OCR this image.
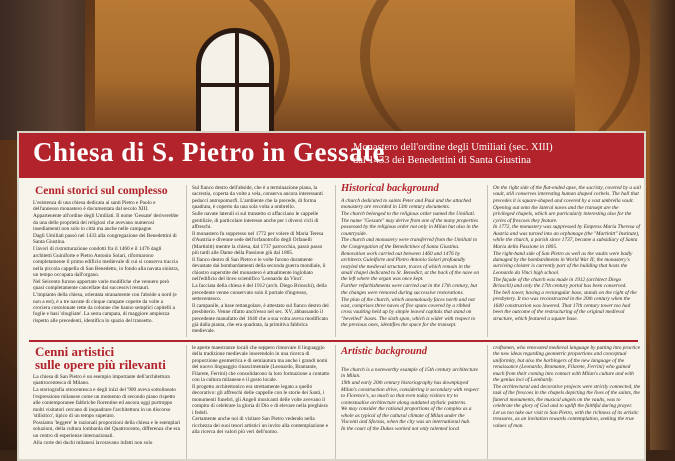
Chiesa di S. Pietro in Gessate
Monastero dell'ordine degli Umiliati (sec. XIII)
dal 1433 dei Benedettini di Santa Giustina
Cenni storici sul complesso

L'esistenza di una chiesa dedicata ai santi Pietro e Paolo e dell'annesso monastero è documentata dal secolo XIII.

Appartenente all'ordine degli Umiliati. Il nome 'Gessate' deriverebbe da una delle proprietà dei religiosi che avevano numerosi insediamenti non solo in città ma anche nelle campagne.

Dagli Umiliati passò nel 1433 alla congregazione dei Benedettini di Santa Giustina.

I lavori di ristrutturazione condotti fra il 1460 e il 1476 dagli architetti Guiniforte e Pietro Antonio Solari, riformarono completamente il primo edificio medievale di cui si conserva traccia nella piccola cappella di San Benedetto, in fondo alla navata sinistra, un tempo occupata dall'organo.

Nel Seicento furono apportate varie modifiche che vennero però quasi completamente cancellate dai successivi restauri.

L'impianto della chiesa, orientata stranamente con l'abside a nord (e non a est), è a tre navate di cinque campate coperte da volte a crociera costolonate rette da colonne che hanno semplici capitelli a foglie e basi 'sbugliate'. La sesta campata, di maggiore ampiezza rispetto alle precedenti, identifica lo spazio del transetto.

Sul fianco destro dell'abside, che è a terminazione piana, la sacrestia, coperta da volte a vela, conserva ancora interessanti pedacci antropomorfi. L'ambiente che la precede, di forma quadrata, è coperto da una sola volta a ombrello.

Sulle navate laterali si sul transetto si affacciano le cappelle gentilizie, di particolare interesse anche per i diversi cicli di affreschi.

Il monastero fu soppresso nel 1772 per volere di Maria Teresa d'Austria e divenne sede dell'orfanotrofio degli Orfanelli (Martinitt) mentre la chiesa, dal 1737 parrocchia, passò passo più tardi alle Dame della Passione giù dal 1805.

Il fianco destro di San Pietro e le volte furono duramente devastate dai bombardamenti della seconda guerra mondiale, il chiostro superstite del monastero è attualmente inglobato nell'edificio del liceo scientifico 'Leonardo da Vinci'.

La facciata della chiesa è del 1912 (arch. Diego Brioschi), della precedente venne conservato solo il portale d'ingresso, settecentesco.

Il campanile, a base rettangolare, è attestato sul fianco destro del presbiterio. Venne rifatto anch'esso nel sec. XV, abbassando il precedente manufatto del 1640 che a sua volta aveva modificato già dalla pianta, che era quadrata, la primitiva fabbrica medievale.

Historical background

A church dedicated to saints Peter and Paul and the attached monastery are recorded in 13th century documents.

The church belonged to the religious order named the Umiliati. The name "Gessate" may derive from one of the many properties possessed by the religious order not only in Milan but also in the countryside.

The church and monastery were transferred from the Umiliati to the Congregation of the Benedictines of Santa Giustina.

Renovation work carried out between 1460 and 1476 by architects Guiniforte and Pietro Antonio Solari profoundly restyled the medieval structure, traces of which remain in the small chapel dedicated to St. Benedict, at the back of the nave on the left where the organ was once kept.

Further refurbishments were carried out in the 17th century, but the changes were removed during successive restorations.

The plan of the church, which anomalously faces north and not east, comprises three naves of five spans covered by a ribbed cross vaulting held up by simple leaved capitals that stand on "bevelled" bases. The sixth span, which is wider with respect to the previous ones, identifies the space for the transept.

On the right side of the flat-ended apse, the sacristy, covered by a sail vault, still conserves interesting human shaped corbels. The hall that precedes it is square-shaped and covered by a vast umbrella vault.

Opening out onto the lateral naves and the transept are the privileged chapels, which are particularly interesting also for the cycles of frescoes they feature.

In 1772, the monastery was suppressed by Empress Maria Theresa of Austria and was turned into an orphanage (the "Martinitt" Institute), while the church, a parish since 1737, became a subsidiary of Santa Maria della Passione in 1805.

The right-hand side of San Pietro as well as the vaults were badly damaged by the bombardments in World War II; the monastery's surviving cloister is currently part of the building that hosts the Leonardo da Vinci high school.

The façade of the church was made in 1912 (architect Diego Brioschi) and only the 17th century portal has been conserved.

The bell tower, having a rectangular base, stands on the right of the presbytery. It too was reconstructed in the 20th century when the 1640 construction was lowered. That 17th century tower too had been the outcome of the restructuring of the original medieval structure, which featured a square base.

Cenni artistici
sulle opere più rilevanti

La chiesa di San Pietro è un esempio importante dell'architettura quattrocentesca di Milano.

La storiografia ottocentesca e degli inizi del '900 aveva sottolineato l'espressione milanese come un momento di secondo piano rispetto alle contemporanee fabbriche fiorentine ed ancora oggi purtroppo molti visitatori cercano di inquadrare l'architettura in un discorso 'stilistico', tipico di un tempo superato.

Possiamo 'leggere' le razionali proporzioni della chiesa e le esemplari soluzioni, della cultura lombarda del Quattrocento, differenza che era un centro di esperienze internazionali.

Alla corte dei duchi milanesi lavoravano infatti non solo

le aperte maestranze locali che seppero rinnovare il linguaggio della tradizione medievale inserendolo in una ricerca di proporzione geometrica e di semiautura ma anche i grandi nomi del nuovo linguaggio rinascimentale (Leonardo, Bramante, Filarete, Ferrini) che consolidarono la loro formazione a contatto con la cultura milanese e il gusto locale.

Il progetto architettonico era strettamente legato a quello decorativo: gli affreschi delle cappelle con le storie dei Santi, i monumenti funebri, gli Angeli musicanti delle volte avevano il compito di celebrare la gloria di Dio e di elevare nella preghiera i fedeli.

Certamente anche noi di visitare San Pietro vedendo nella ricchezza dei suoi tesori artistici un invito alla contemplazione e alla ricerca dei valori più veri dell'uomo.

Artistic background

The church is a noteworthy example of 15th century architecture in Milan.

19th and early 20th century historiography has downplayed Milan's construction drive, considering it secondary with respect to Florence's, so much so that even today visitors try to contextualise architecture along outdated stylistic patterns.

We may consider the rational proportions of the complex as a whole as typical of the cultural climate of Milan under the Visconti and Sforzas, when the city was an international hub.

In the court of the Dukes worked not only talented local

craftsmen, who renovated medieval language by putting into practice the new ideas regarding geometric proportions and conceptual uniformity, but also the harbingers of the new language of the renaissance (Leonardo, Bramante, Filarete, Ferrini) who gained much from their coming into contact with Milan's culture and with the genius loci of Lombardy.

The architectural and decorative projects were strictly connected, the task of the frescoes in the chapels depicting the lives of the saints, the funeral monuments, the musical angels on the vaults, was to celebrate the glory of God and to uplift the faithful during prayer.

Let us too take our visit to San Pietro, with the richness of its artistic treasures, as an invitation towards contemplation, seeking the true values of man.
